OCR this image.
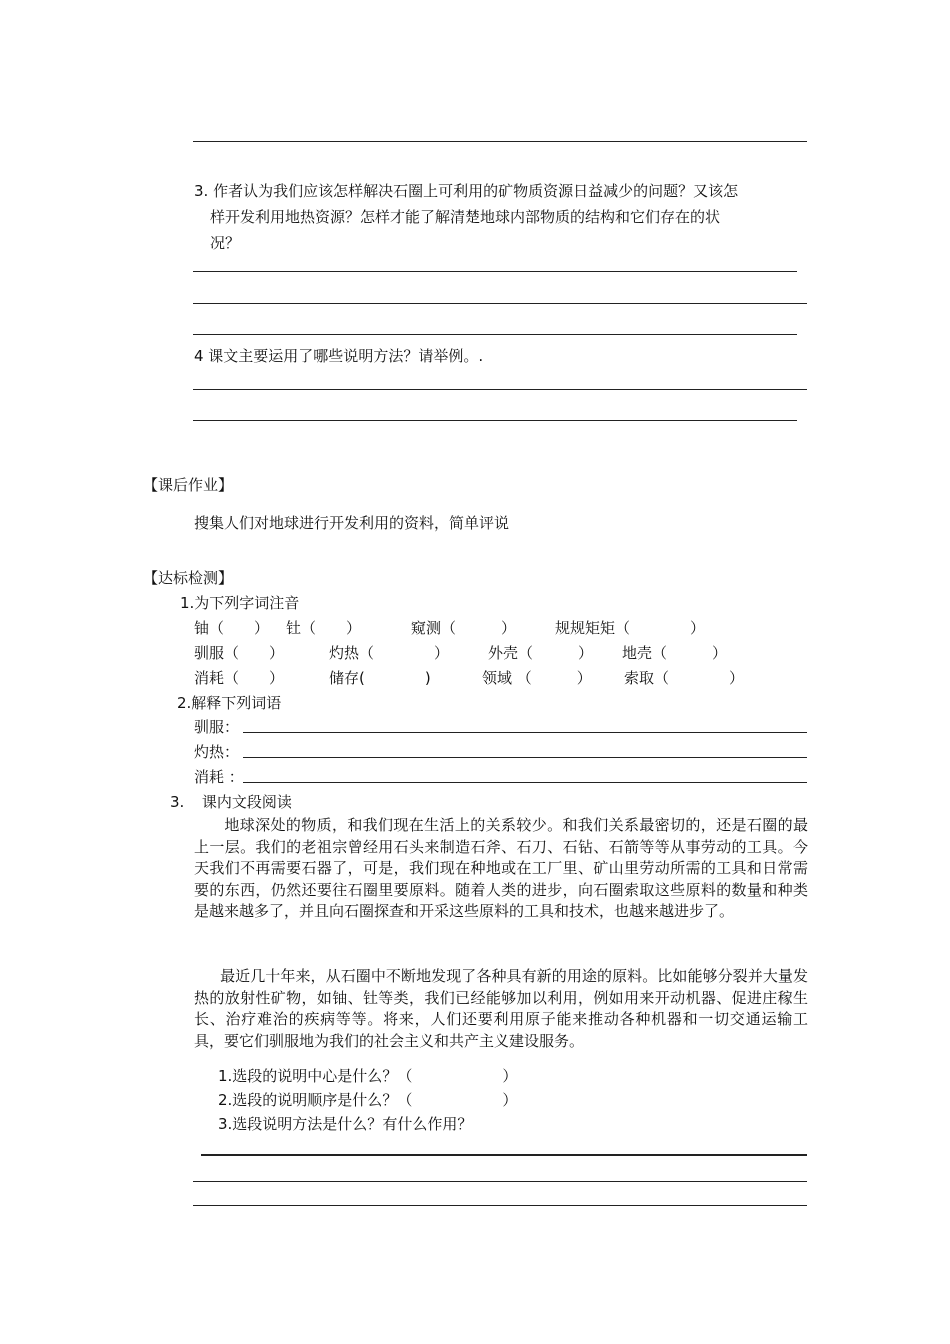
3. 作者认为我们应该怎样解决石圈上可利用的矿物质资源日益减少的问题？又该怎
样开发利用地热资源？怎样才能了解清楚地球内部物质的结构和它们存在的状
况？
4 课文主要运用了哪些说明方法？请举例。.
【课后作业】
搜集人们对地球进行开发利用的资料，简单评说
【达标检测】
1.为下列字词注音
铀（　　） 钍（　　）	窥测（　　　）	规规矩矩（　　　　）
驯服（　　）	灼热（　　　　）	外壳（　　　） 地壳（　　　）
消耗（　　）	储存(　　　　)	领域 （　　　） 索取（　　　　）
2.解释下列词语
驯服：
灼热：
消耗 ：
3. 课内文段阅读
地球深处的物质，和我们现在生活上的关系较少。和我们关系最密切的，还是石圈的最上一层。我们的老祖宗曾经用石头来制造石斧、石刀、石钻、石箭等等从事劳动的工具。今天我们不再需要石器了，可是，我们现在种地或在工厂里、矿山里劳动所需的工具和日常需要的东西，仍然还要往石圈里要原料。随着人类的进步，向石圈索取这些原料的数量和种类是越来越多了，并且向石圈探查和开采这些原料的工具和技术，也越来越进步了。
最近几十年来，从石圈中不断地发现了各种具有新的用途的原料。比如能够分裂并大量发热的放射性矿物，如铀、钍等类，我们已经能够加以利用，例如用来开动机器、促进庄稼生长、治疗难治的疾病等等。将来，人们还要利用原子能来推动各种机器和一切交通运输工具，要它们驯服地为我们的社会主义和共产主义建设服务。
1.选段的说明中心是什么？（　　　　　　）
2.选段的说明顺序是什么？（　　　　　　）
3.选段说明方法是什么？有什么作用？
